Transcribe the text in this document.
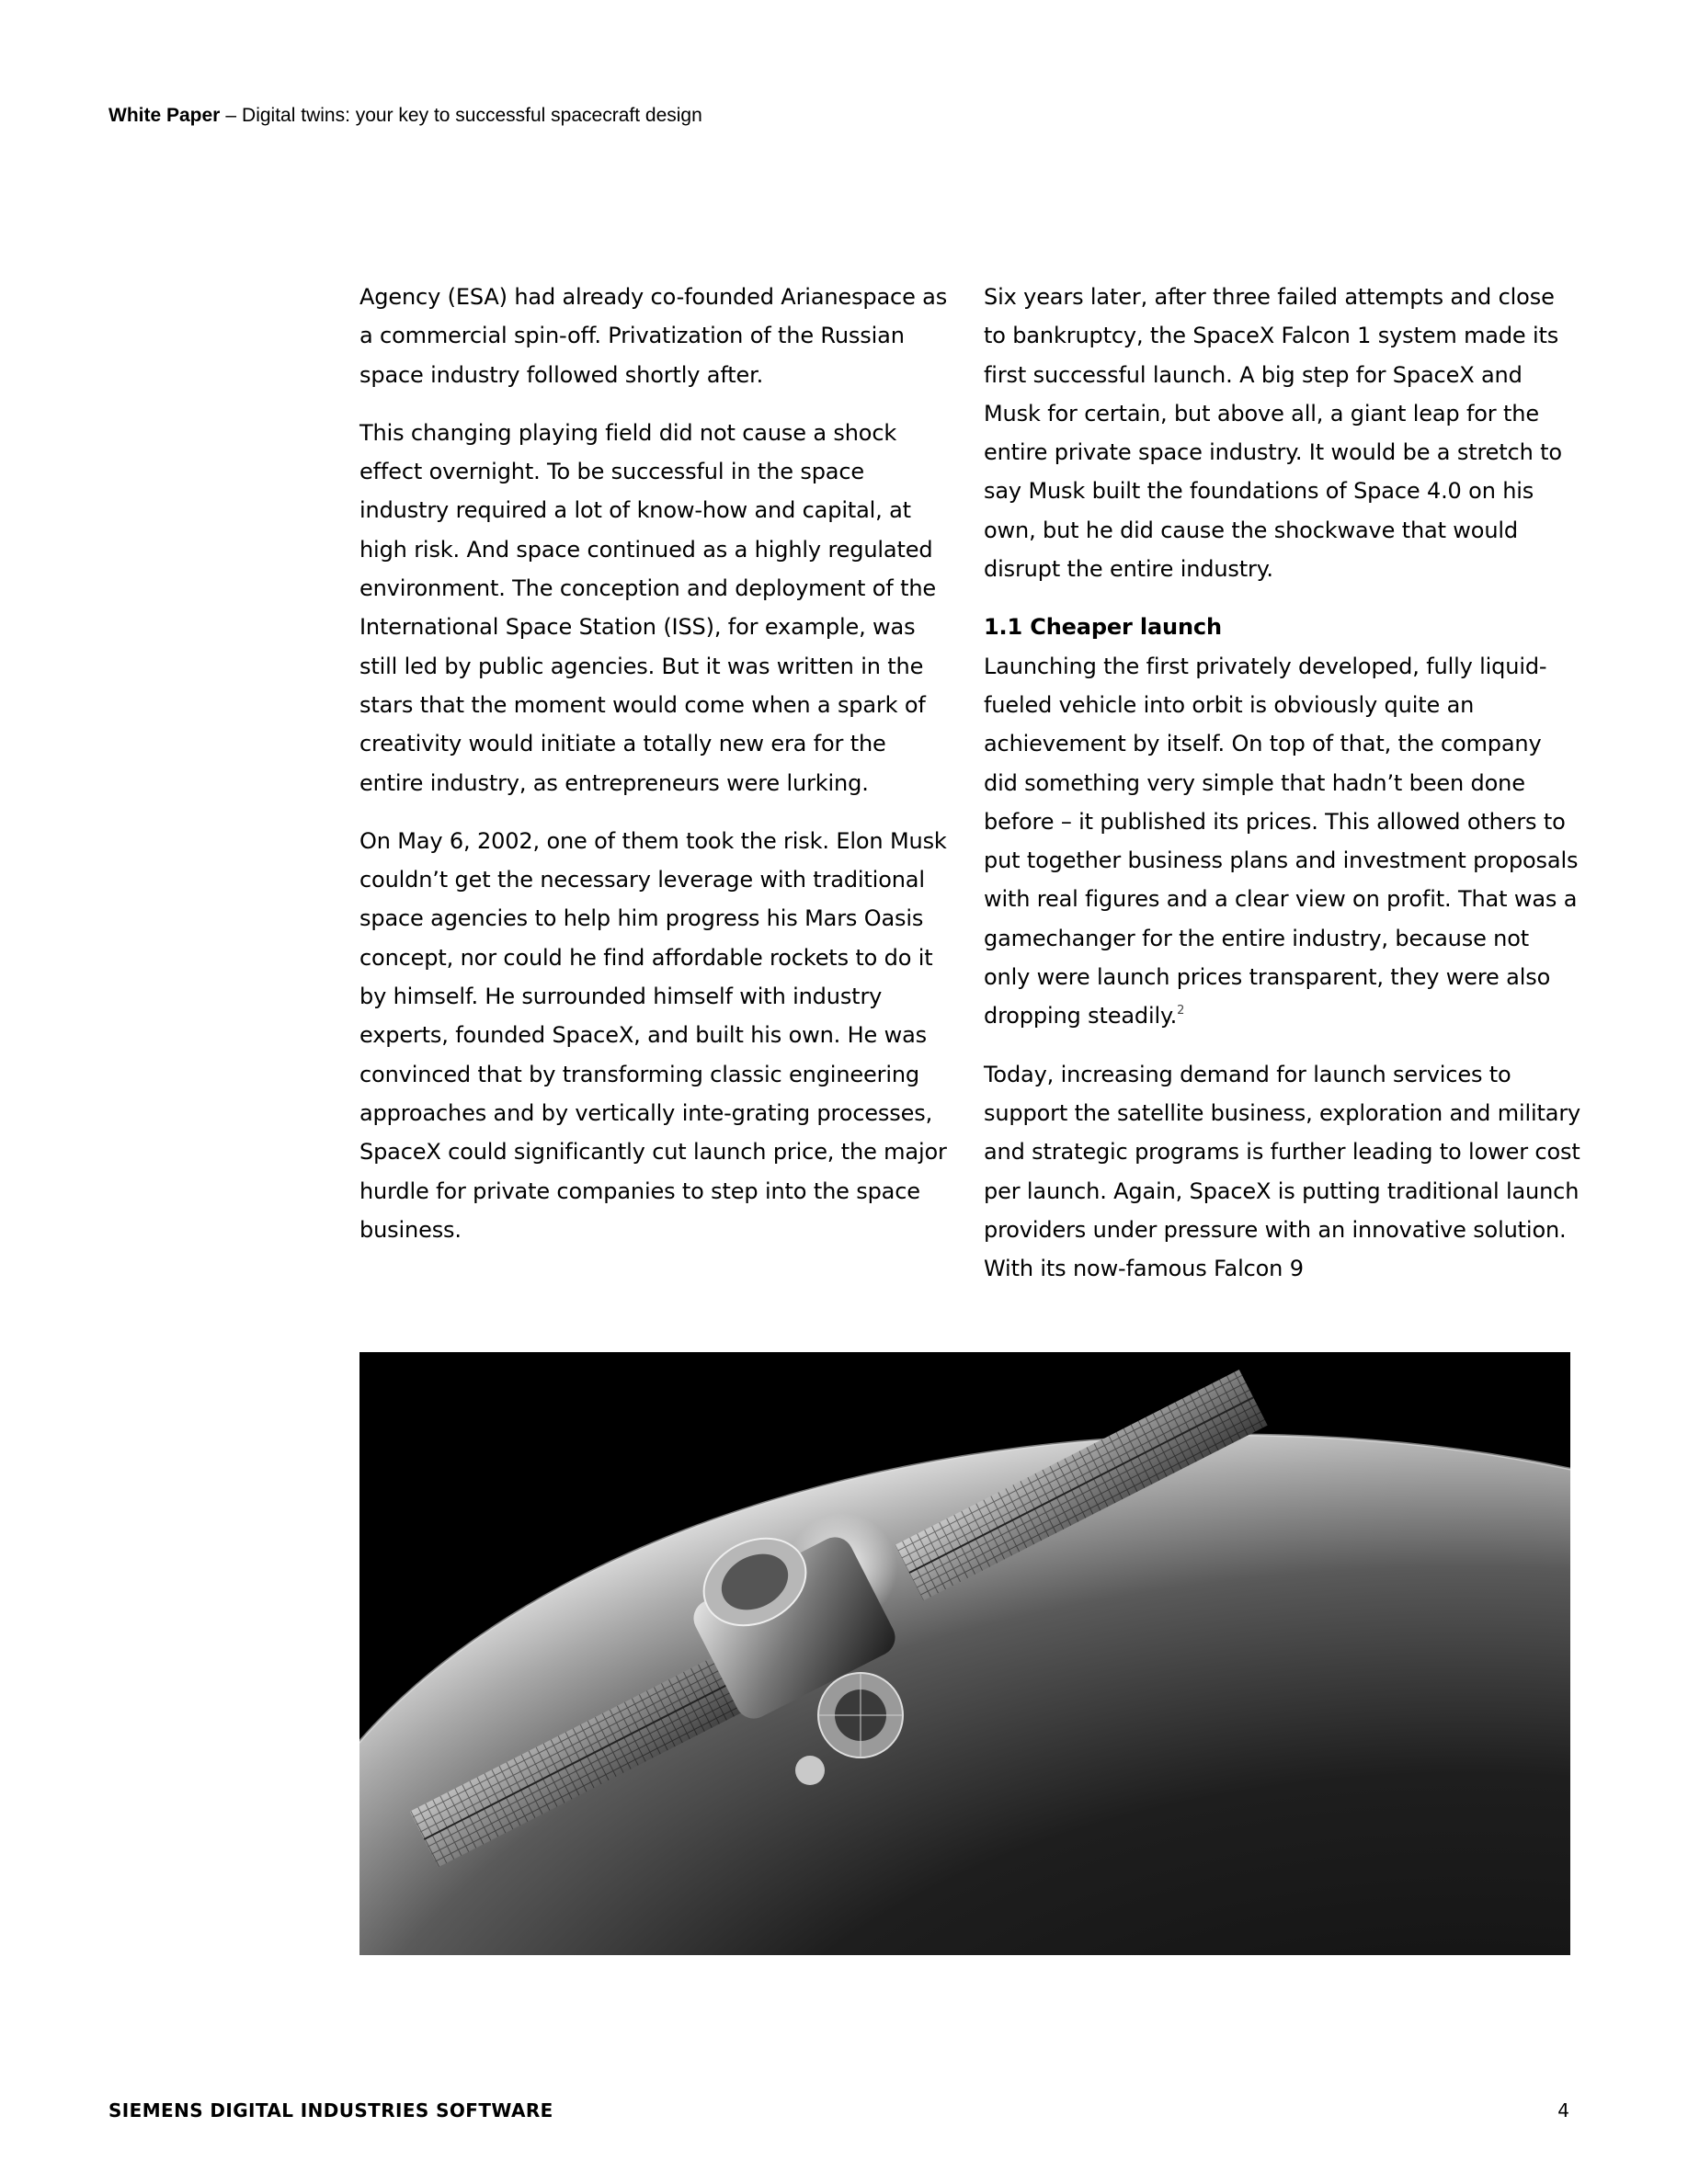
White Paper – Digital twins: your key to successful spacecraft design

Agency (ESA) had already co-founded Arianespace as a commercial spin-off. Privatization of the Russian space industry followed shortly after.

This changing playing field did not cause a shock effect overnight. To be successful in the space industry required a lot of know-how and capital, at high risk. And space continued as a highly regulated environment. The conception and deployment of the International Space Station (ISS), for example, was still led by public agencies. But it was written in the stars that the moment would come when a spark of creativity would initiate a totally new era for the entire industry, as entrepreneurs were lurking.

On May 6, 2002, one of them took the risk. Elon Musk couldn’t get the necessary leverage with traditional space agencies to help him progress his Mars Oasis concept, nor could he find affordable rockets to do it by himself. He surrounded himself with industry experts, founded SpaceX, and built his own. He was convinced that by transforming classic engineering approaches and by vertically inte-grating processes, SpaceX could significantly cut launch price, the major hurdle for private companies to step into the space business.

Six years later, after three failed attempts and close to bankruptcy, the SpaceX Falcon 1 system made its first successful launch. A big step for SpaceX and Musk for certain, but above all, a giant leap for the entire private space industry. It would be a stretch to say Musk built the foundations of Space 4.0 on his own, but he did cause the shockwave that would disrupt the entire industry.

1.1 Cheaper launch

Launching the first privately developed, fully liquid-fueled vehicle into orbit is obviously quite an achievement by itself. On top of that, the company did something very simple that hadn’t been done before – it published its prices. This allowed others to put together business plans and investment proposals with real figures and a clear view on profit. That was a gamechanger for the entire industry, because not only were launch prices transparent, they were also dropping steadily.$^2$

Today, increasing demand for launch services to support the satellite business, exploration and military and strategic programs is further leading to lower cost per launch. Again, SpaceX is putting traditional launch providers under pressure with an innovative solution. With its now-famous Falcon 9

SIEMENS DIGITAL INDUSTRIES SOFTWARE	4
